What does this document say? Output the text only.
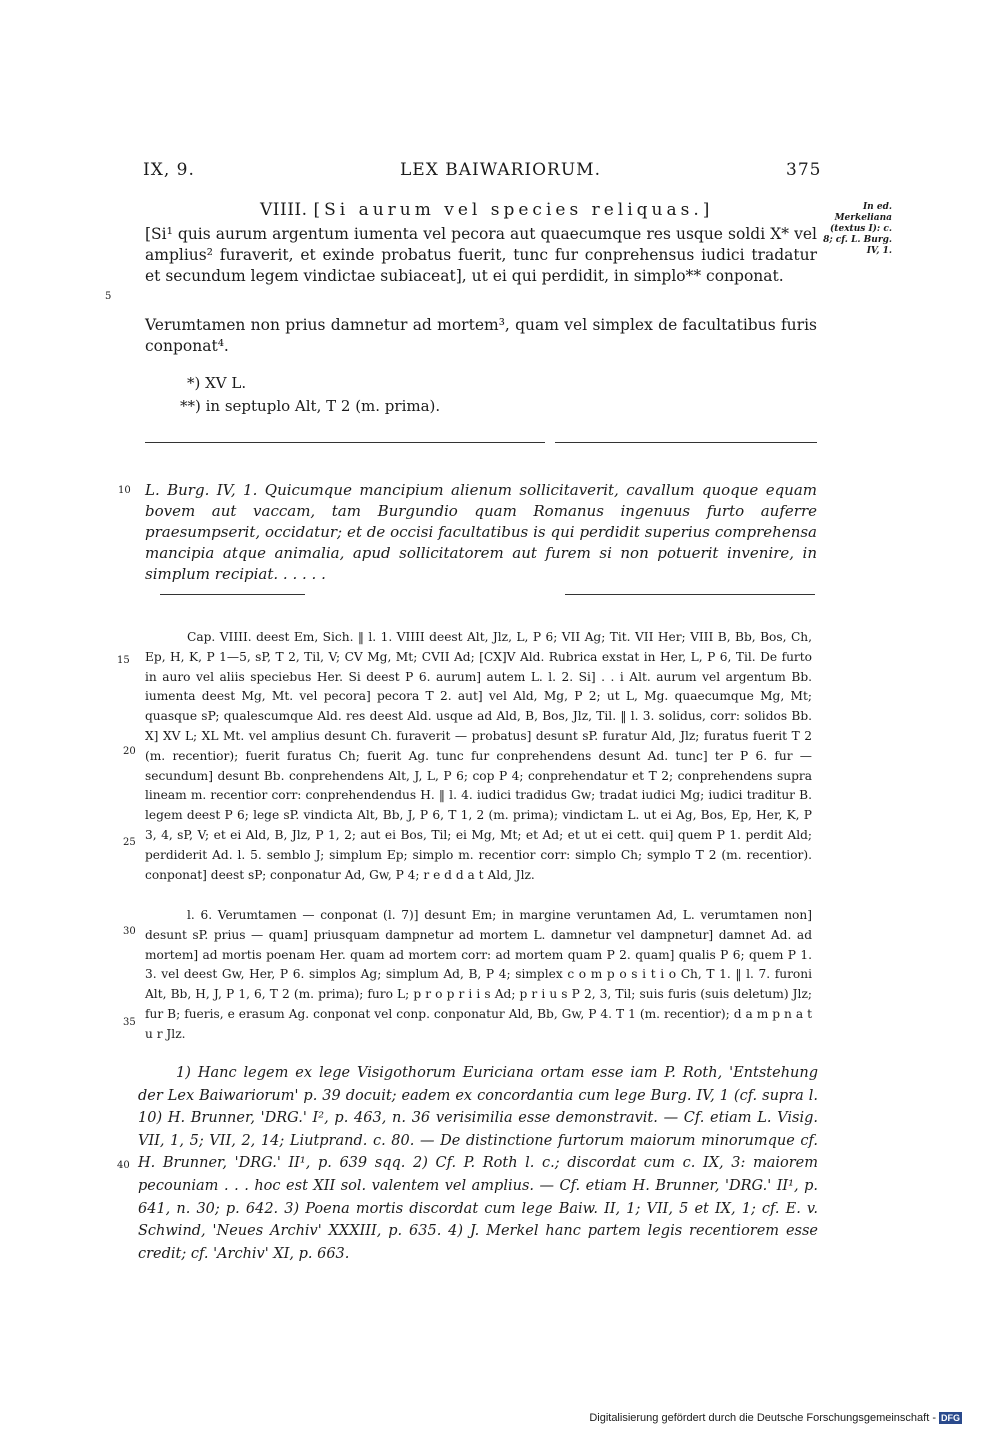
IX, 9.	LEX BAIWARIORUM.	375
VIIII. [Si aurum vel species reliquas.]	In ed. Merkeliana (textus I): c. 8; cf. L. Burg. IV, 1.
[Si¹ quis aurum argentum iumenta vel pecora aut quaecumque res usque soldi X* vel amplius² furaverit, et exinde probatus fuerit, tunc fur conprehensus iudici tradatur et secundum legem vindictae subiaceat], ut ei qui perdidit, in simplo** conponat.
Verumtamen non prius damnetur ad mortem³, quam vel simplex de facultatibus furis conponat⁴.
*) XV L.
**) in septuplo Alt, T 2 (m. prima).
L. Burg. IV, 1. Quicumque mancipium alienum sollicitaverit, cavallum quoque equam bovem aut vaccam, tam Burgundio quam Romanus ingenuus furto auferre praesumpserit, occidatur; et de occisi facultatibus is qui perdidit superius comprehensa mancipia atque animalia, apud sollicitatorem aut furem si non potuerit invenire, in simplum recipiat. . . . . .
Cap. VIIII. deest Em, Sich. ‖ l. 1. VIIII deest Alt, Jlz, L, P 6; VII Ag; Tit. VII Her; VIII B, Bb, Bos, Ch, Ep, H, K, P 1—5, sP, T 2, Til, V; CV Mg, Mt; CVII Ad; [CX]V Ald. Rubrica exstat in Her, L, P 6, Til. De furto in auro vel aliis speciebus Her. Si deest P 6. aurum] autem L. l. 2. Si] . . i Alt. aurum vel argentum Bb. iumenta deest Mg, Mt. vel pecora] pecora T 2. aut] vel Ald, Mg, P 2; ut L, Mg. quaecumque Mg, Mt; quasque sP; qualescumque Ald. res deest Ald. usque ad Ald, B, Bos, Jlz, Til. ‖ l. 3. solidus, corr: solidos Bb. X] XV L; XL Mt. vel amplius desunt Ch. furaverit — probatus] desunt sP. furatur Ald, Jlz; furatus fuerit T 2 (m. recentior); fuerit furatus Ch; fuerit Ag. tunc fur conprehendens desunt Ad. tunc] ter P 6. fur — secundum] desunt Bb. conprehendens Alt, J, L, P 6; cop P 4; conprehendatur et T 2; conprehendens supra lineam m. recentior corr: conprehendendus H. ‖ l. 4. iudici tradidus Gw; tradat iudici Mg; iudici traditur B. legem deest P 6; lege sP. vindicta Alt, Bb, J, P 6, T 1, 2 (m. prima); vindictam L. ut ei Ag, Bos, Ep, Her, K, P 3, 4, sP, V; et ei Ald, B, Jlz, P 1, 2; aut ei Bos, Til; ei Mg, Mt; et Ad; et ut ei cett. qui] quem P 1. perdit Ald; perdiderit Ad. l. 5. semblo J; simplum Ep; simplo m. recentior corr: simplo Ch; symplo T 2 (m. recentior). conponat] deest sP; conponatur Ad, Gw, P 4; r e d d a t Ald, Jlz.
l. 6. Verumtamen — conponat (l. 7)] desunt Em; in margine veruntamen Ad, L. verumtamen non] desunt sP. prius — quam] priusquam dampnetur ad mortem L. damnetur vel dampnetur] damnet Ad. ad mortem] ad mortis poenam Her. quam ad mortem corr: ad mortem quam P 2. quam] qualis P 6; quem P 1. 3. vel deest Gw, Her, P 6. simplos Ag; simplum Ad, B, P 4; simplex c o m p o s i t i o Ch, T 1. ‖ l. 7. furoni Alt, Bb, H, J, P 1, 6, T 2 (m. prima); furo L; p r o p r i i s Ad; p r i u s P 2, 3, Til; suis furis (suis deletum) Jlz; fur B; fueris, e erasum Ag. conponat vel conp. conponatur Ald, Bb, Gw, P 4. T 1 (m. recentior); d a m p n a t u r Jlz.
1) Hanc legem ex lege Visigothorum Euriciana ortam esse iam P. Roth, 'Entstehung der Lex Baiwariorum' p. 39 docuit; eadem ex concordantia cum lege Burg. IV, 1 (cf. supra l. 10) H. Brunner, 'DRG.' I², p. 463, n. 36 verisimilia esse demonstravit. — Cf. etiam L. Visig. VII, 1, 5; VII, 2, 14; Liutprand. c. 80. — De distinctione furtorum maiorum minorumque cf. H. Brunner, 'DRG.' II¹, p. 639 sqq. 2) Cf. P. Roth l. c.; discordat cum c. IX, 3: maiorem pecouniam . . . hoc est XII sol. valentem vel amplius. — Cf. etiam H. Brunner, 'DRG.' II¹, p. 641, n. 30; p. 642. 3) Poena mortis discordat cum lege Baiw. II, 1; VII, 5 et IX, 1; cf. E. v. Schwind, 'Neues Archiv' XXXIII, p. 635. 4) J. Merkel hanc partem legis recentiorem esse credit; cf. 'Archiv' XI, p. 663.
5
10
15
20
25
30
35
40
Digitalisierung gefördert durch die Deutsche Forschungsgemeinschaft - DFG
